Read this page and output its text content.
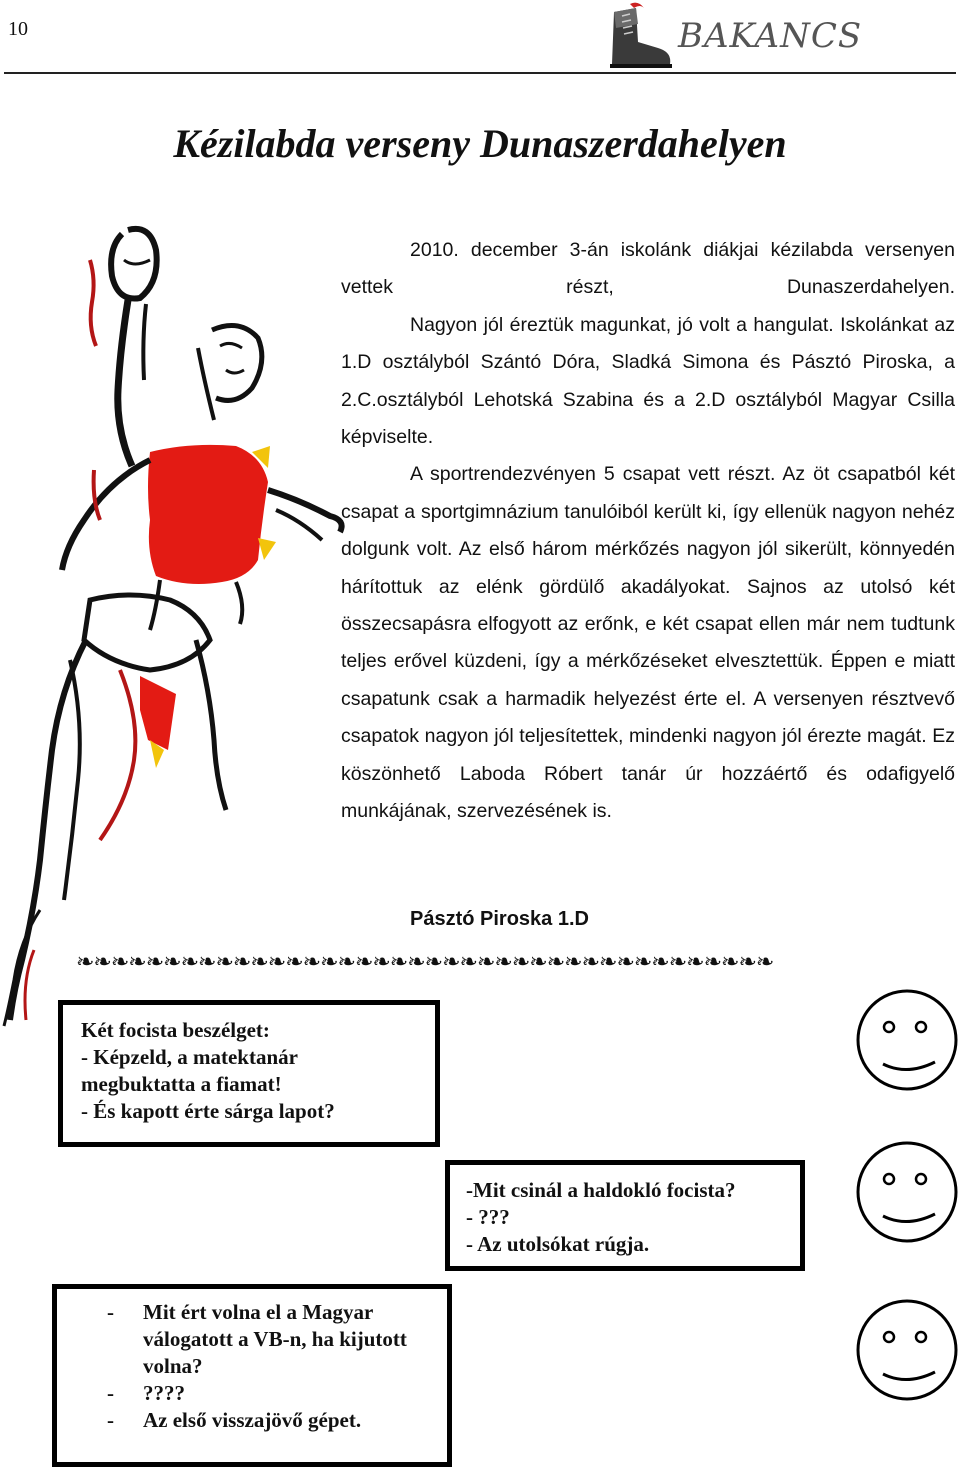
10	BAKANCS
Kézilabda verseny Dunaszerdahelyen

2010. december 3-án iskolánk diákjai kézilabda versenyen vettek részt, Dunaszerdahelyen.

Nagyon jól éreztük magunkat, jó volt a hangulat. Iskolánkat az 1.D osztályból Szántó Dóra, Sladká Simona és Pásztó Piroska, a 2.C.osztályból Lehotská Szabina és a 2.D osztályból Magyar Csilla képviselte.

A sportrendezvényen 5 csapat vett részt. Az öt csapatból két csapat a sportgimnázium tanulóiból került ki, így ellenük nagyon nehéz dolgunk volt. Az első három mérkőzés nagyon jól sikerült, könnyedén hárítottuk az elénk gördülő akadályokat. Sajnos az utolsó két összecsapásra elfogyott az erőnk, e két csapat ellen már nem tudtunk teljes erővel küzdeni, így a mérkőzéseket elvesztettük. Éppen e miatt csapatunk csak a harmadik helyezést érte el. A versenyen résztvevő csapatok nagyon jól teljesítettek, mindenki nagyon jól érezte magát. Ez köszönhető Laboda Róbert tanár úr hozzáértő és odafigyelő munkájának, szervezésének is.

Pásztó Piroska 1.D
❧❧❧❧❧❧❧❧❧❧❧❧❧❧❧❧❧❧❧❧❧❧❧❧❧❧❧❧❧❧❧❧❧❧❧❧❧❧❧❧
Két focista beszélget:
- Képzeld, a matektanár
megbuktatta a fiamat!
- És kapott érte sárga lapot?
-Mit csinál a haldokló focista?
- ???
- Az utolsókat rúgja.
-	Mit ért volna el a Magyar válogatott a VB-n, ha kijutott volna?
-	????
-	Az első visszajövő gépet.
